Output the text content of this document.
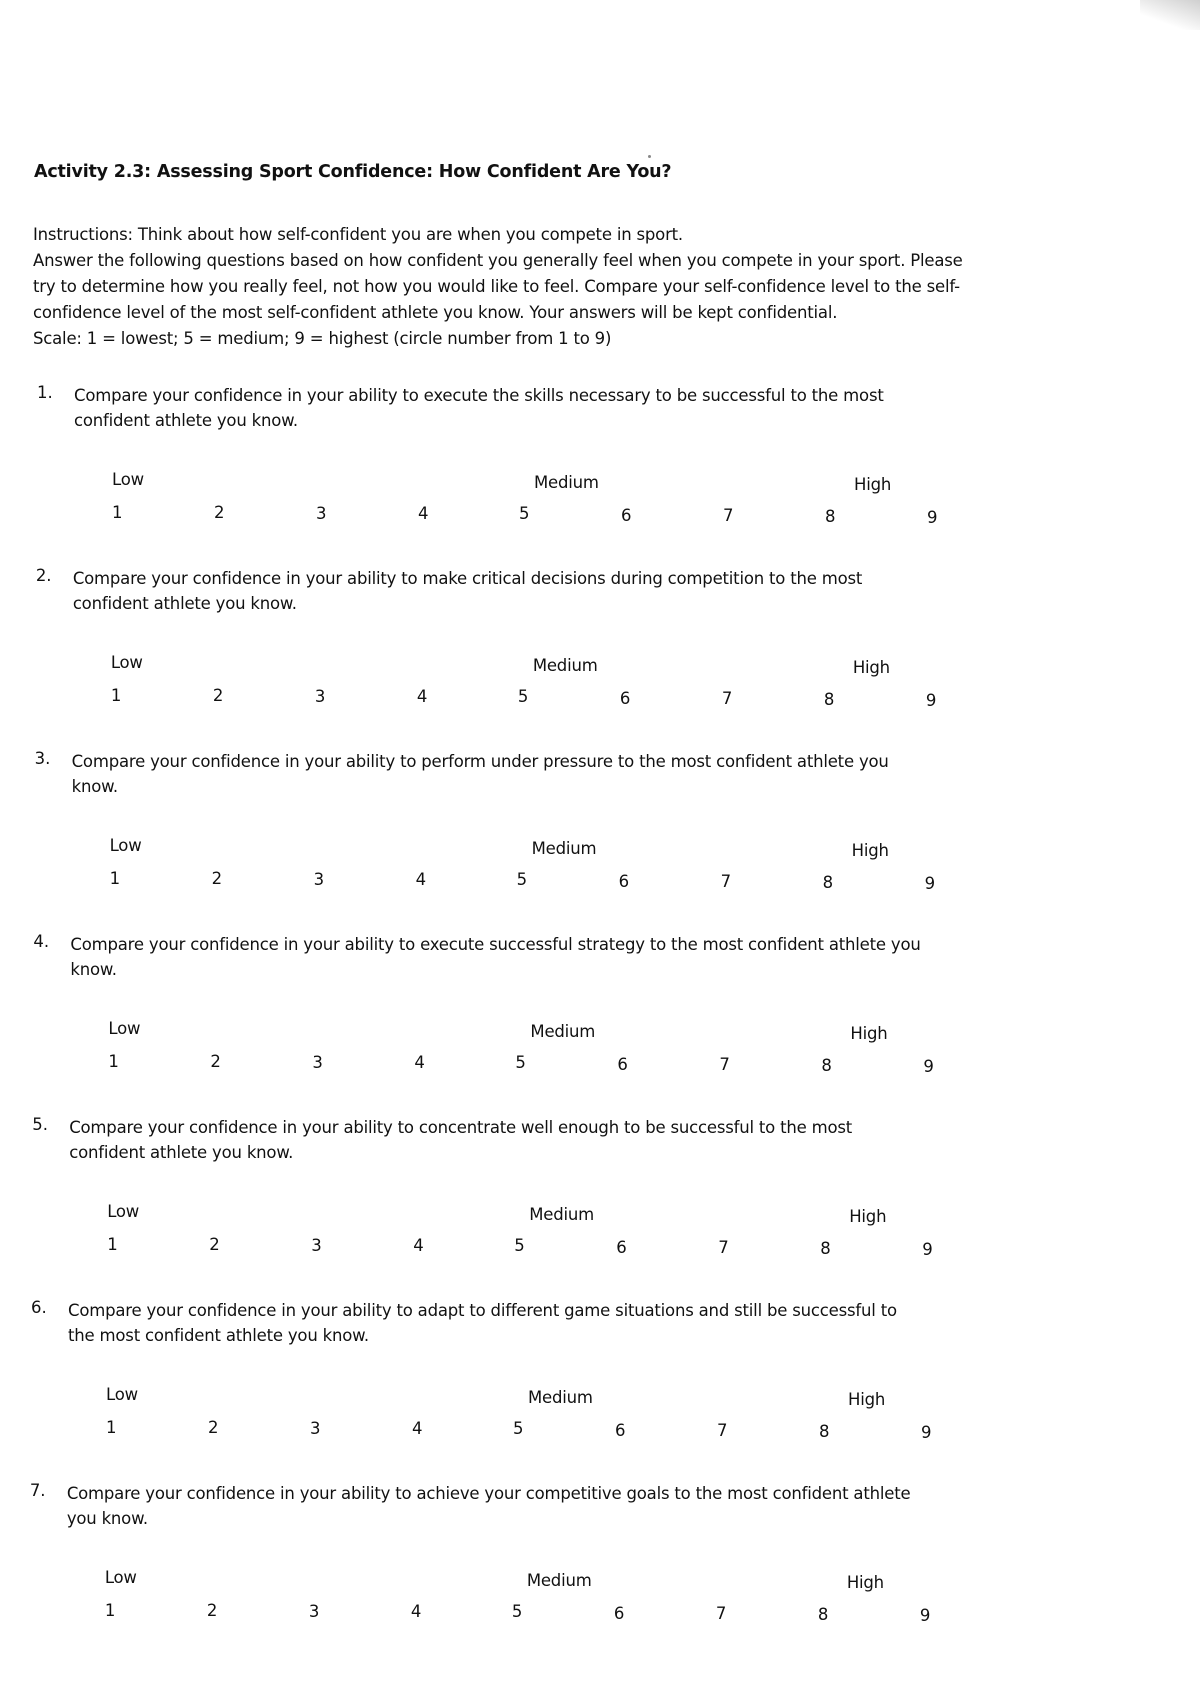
Activity 2.3: Assessing Sport Confidence: How Confident Are You?
Instructions: Think about how self-confident you are when you compete in sport.
Answer the following questions based on how confident you generally feel when you compete in your sport. Please
try to determine how you really feel, not how you would like to feel. Compare your self-confidence level to the self-
confidence level of the most self-confident athlete you know. Your answers will be kept confidential.
Scale: 1 = lowest; 5 = medium; 9 = highest (circle number from 1 to 9)
1. Compare your confidence in your ability to execute the skills necessary to be successful to the most
confident athlete you know.
Low	Medium	High
1	2	3	4	5	6	7	8	9
2. Compare your confidence in your ability to make critical decisions during competition to the most
confident athlete you know.
Low	Medium	High
1	2	3	4	5	6	7	8	9
3. Compare your confidence in your ability to perform under pressure to the most confident athlete you
know.
Low	Medium	High
1	2	3	4	5	6	7	8	9
4. Compare your confidence in your ability to execute successful strategy to the most confident athlete you
know.
Low	Medium	High
1	2	3	4	5	6	7	8	9
5. Compare your confidence in your ability to concentrate well enough to be successful to the most
confident athlete you know.
Low	Medium	High
1	2	3	4	5	6	7	8	9
6. Compare your confidence in your ability to adapt to different game situations and still be successful to
the most confident athlete you know.
Low	Medium	High
1	2	3	4	5	6	7	8	9
7. Compare your confidence in your ability to achieve your competitive goals to the most confident athlete
you know.
Low	Medium	High
1	2	3	4	5	6	7	8	9
